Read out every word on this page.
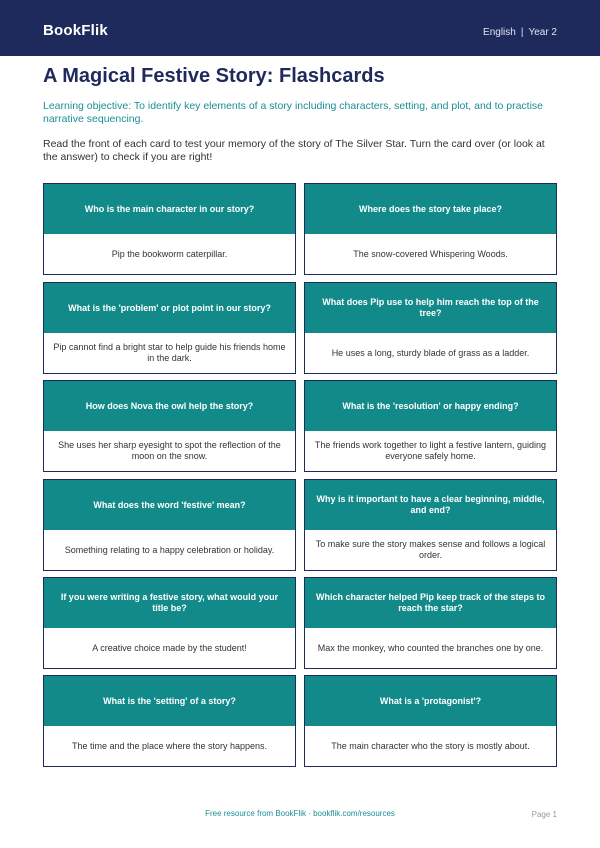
BookFlik	English | Year 2
A Magical Festive Story: Flashcards

Learning objective: To identify key elements of a story including characters, setting, and plot, and to practise narrative sequencing.

Read the front of each card to test your memory of the story of The Silver Star. Turn the card over (or look at the answer) to check if you are right!

Who is the main character in our story?
Pip the bookworm caterpillar.
Where does the story take place?
The snow-covered Whispering Woods.
What is the 'problem' or plot point in our story?
Pip cannot find a bright star to help guide his friends home in the dark.
What does Pip use to help him reach the top of the tree?
He uses a long, sturdy blade of grass as a ladder.
How does Nova the owl help the story?
She uses her sharp eyesight to spot the reflection of the moon on the snow.
What is the 'resolution' or happy ending?
The friends work together to light a festive lantern, guiding everyone safely home.
What does the word 'festive' mean?
Something relating to a happy celebration or holiday.
Why is it important to have a clear beginning, middle, and end?
To make sure the story makes sense and follows a logical order.
If you were writing a festive story, what would your title be?
A creative choice made by the student!
Which character helped Pip keep track of the steps to reach the star?
Max the monkey, who counted the branches one by one.
What is the 'setting' of a story?
The time and the place where the story happens.
What is a 'protagonist'?
The main character who the story is mostly about.
Free resource from BookFlik · bookflik.com/resources	Page 1
